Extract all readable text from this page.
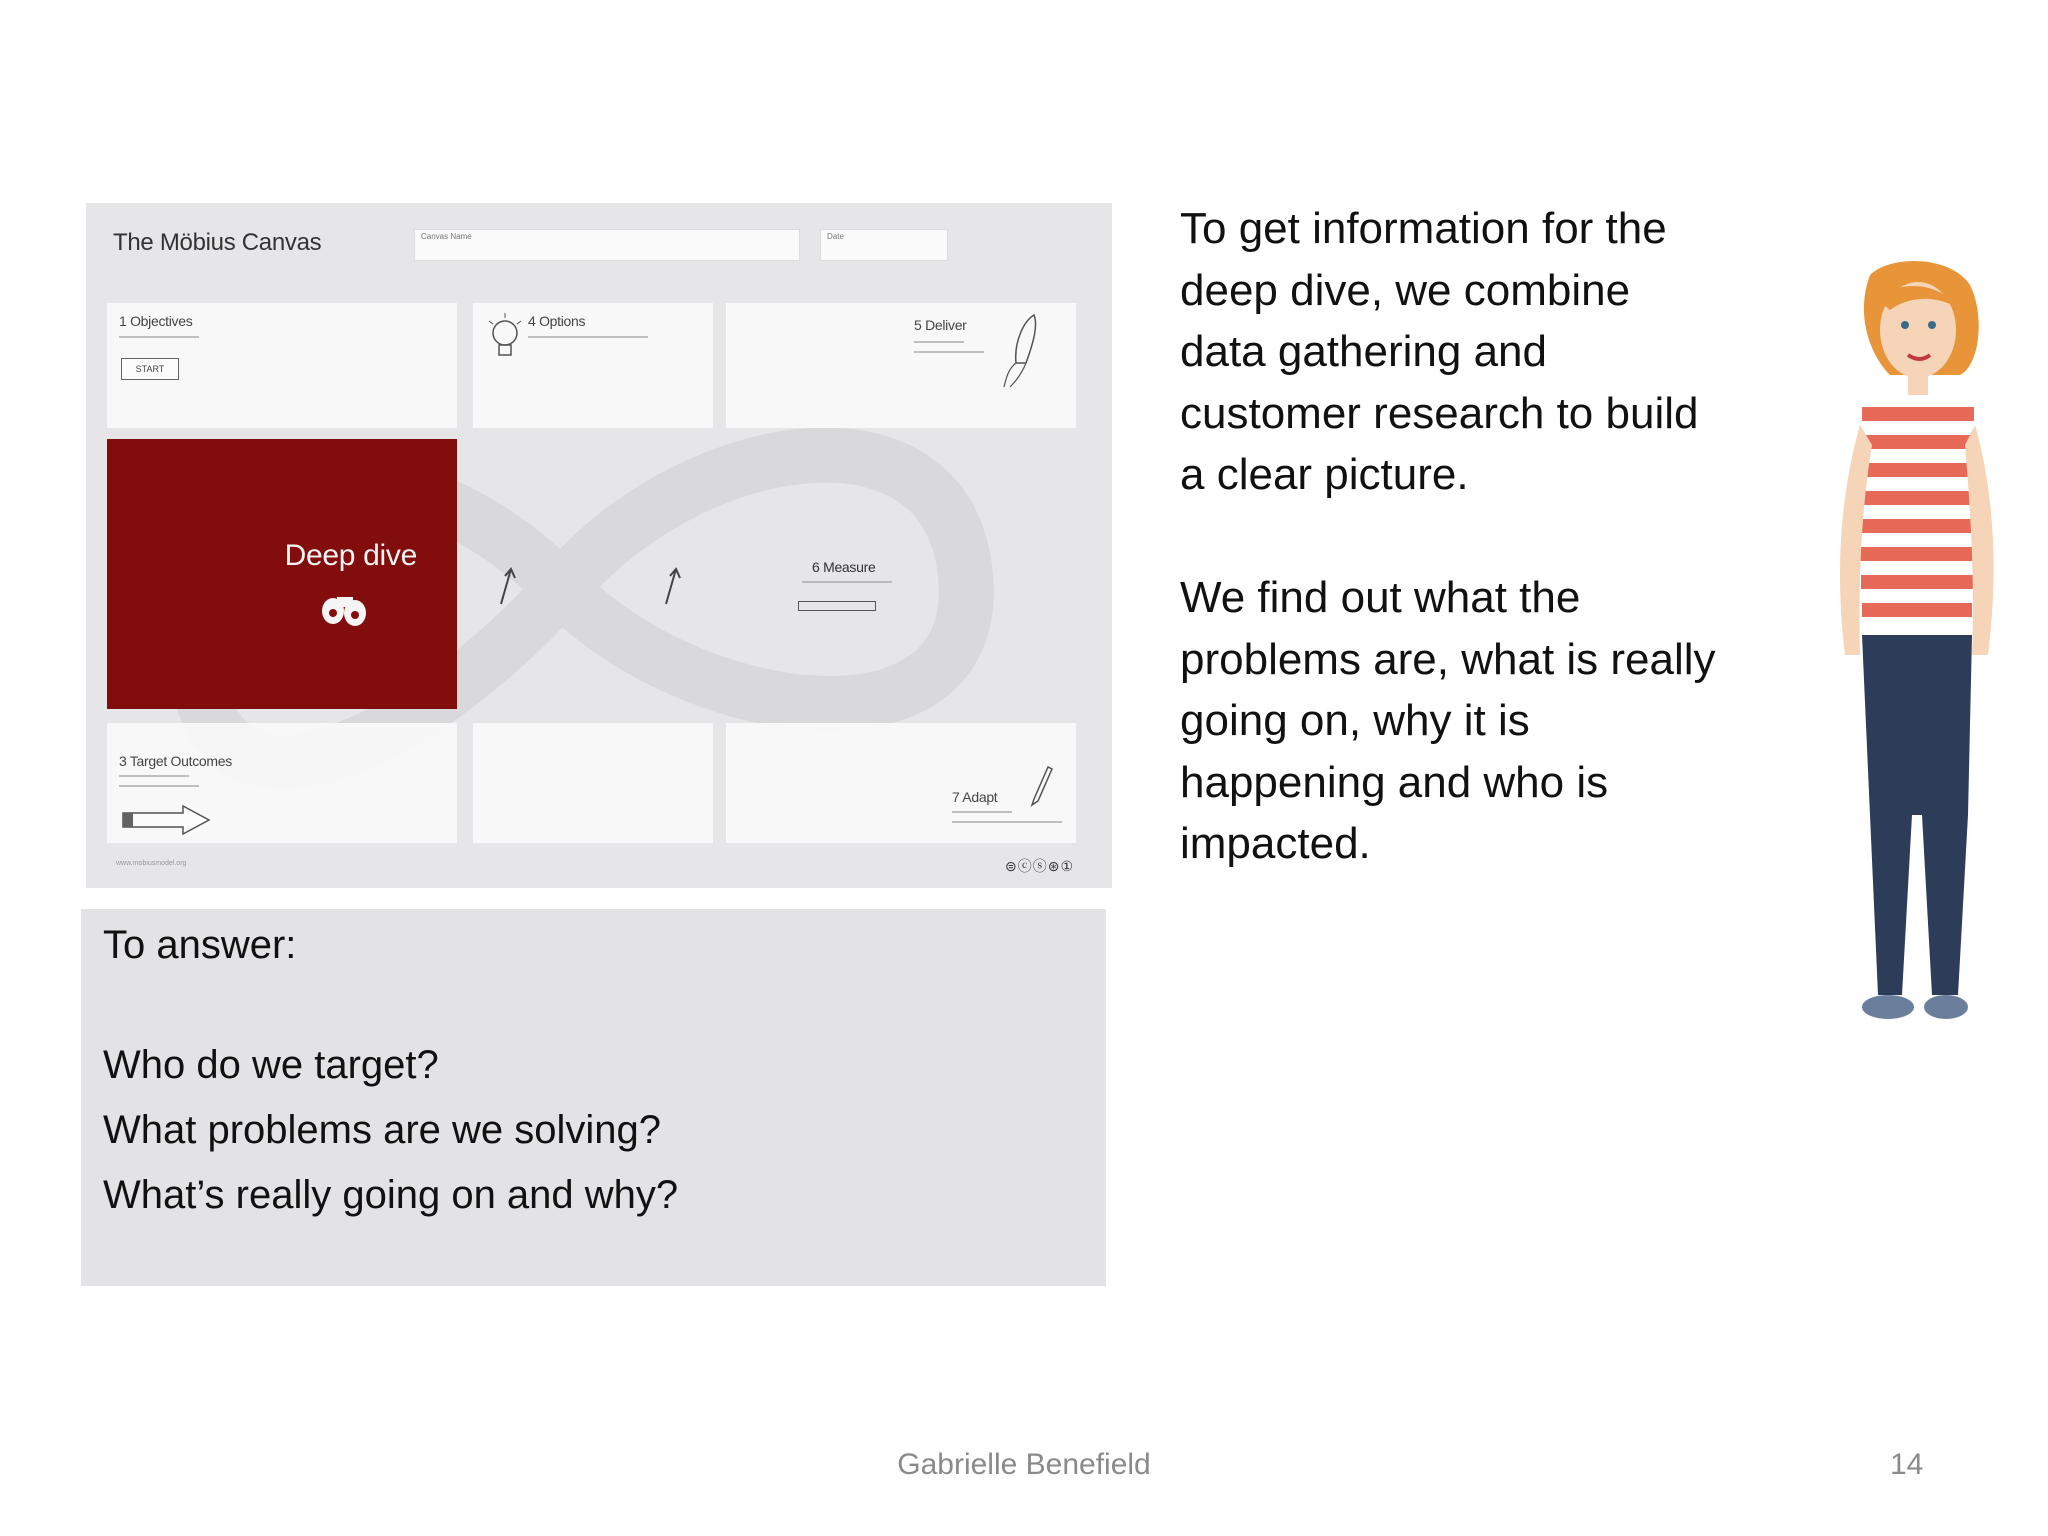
The Möbius Canvas	Canvas Name	Date
1 Objectives
START
4 Options	5 Deliver
6 Measure
3 Target Outcomes
7 Adapt
Deep dive
www.mobiusmodel.org	⊜ⓒⓢ⊛①
To answer:
Who do we target?
What problems are we solving?
What’s really going on and why?
To get information for the
deep dive, we combine
data gathering and
customer research to build
a clear picture.
We find out what the
problems are, what is really
going on, why it is
happening and who is
impacted.
Gabrielle Benefield	14
